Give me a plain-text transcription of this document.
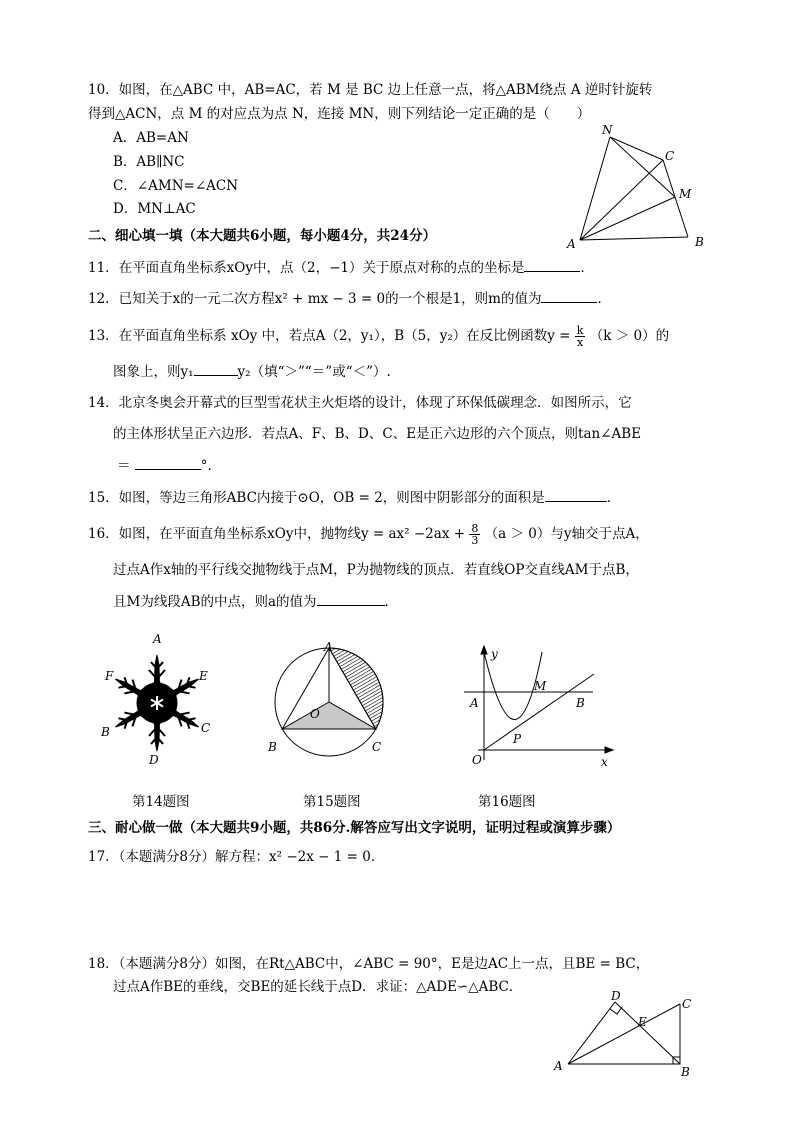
10．如图，在△ABC 中，AB=AC，若 M 是 BC 边上任意一点，将△ABM绕点 A 逆时针旋转
得到△ACN，点 M 的对应点为点 N，连接 MN，则下列结论一定正确的是（　　）
A．AB=AN
B．AB∥NC
C．∠AMN=∠ACN
D．MN⊥AC
N
C
M
A	B
二、细心填一填（本大题共6小题，每小题4分，共24分）
11．在平面直角坐标系xOy中，点（2，−1）关于原点对称的点的坐标是	．
12．已知关于x的一元二次方程x² + mx − 3 = 0的一个根是1，则m的值为	．
13．在平面直角坐标系 xOy 中，若点A（2，y₁），B（5，y₂）在反比例函数$y = \frac{k}{x} (k > 0)$的
图象上，则y₁	y₂（填“＞”“＝”或“＜”）.
14．北京冬奥会开幕式的巨型雪花状主火炬塔的设计，体现了环保低碳理念．如图所示，它
的主体形状呈正六边形．若点A、F、B、D、C、E是正六边形的六个顶点，则tan∠ABE
＝	°.
15．如图，等边三角形ABC内接于⊙O，OB = 2，则图中阴影部分的面积是	．
16．如图，在平面直角坐标系xOy中，抛物线$y = ax^2 -2ax + \frac{8}{3} (a > 0)$与y轴交于点A，
过点A作x轴的平行线交抛物线于点M，P为抛物线的顶点．若直线OP交直线AM于点B，
且M为线段AB的中点，则a的值为	．
A
F	E
B	C
D
A
O
B	C
y
M
A	B
P
O	x
第14题图	第15题图	第16题图
三、耐心做一做（本大题共9小题，共86分.解答应写出文字说明，证明过程或演算步骤）
17．（本题满分8分）解方程：x² −2x − 1 = 0．
18．（本题满分8分）如图，在Rt△ABC中，∠ABC = 90°，E是边AC上一点，且BE = BC，
过点A作BE的垂线，交BE的延长线于点D．求证：△ADE∽△ABC．
D
C
E
A	B
